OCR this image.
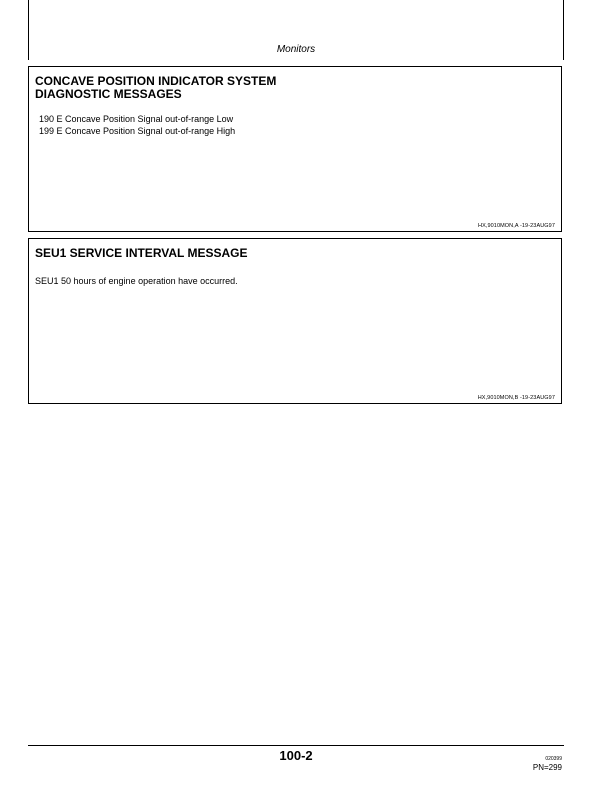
Monitors
CONCAVE POSITION INDICATOR SYSTEM
DIAGNOSTIC MESSAGES
190 E Concave Position Signal out-of-range Low
199 E Concave Position Signal out-of-range High
HX,9010MON,A -19-23AUG97
SEU1 SERVICE INTERVAL MESSAGE
SEU1 50 hours of engine operation have occurred.
HX,9010MON,B -19-23AUG97
100-2	020399
PN=299
